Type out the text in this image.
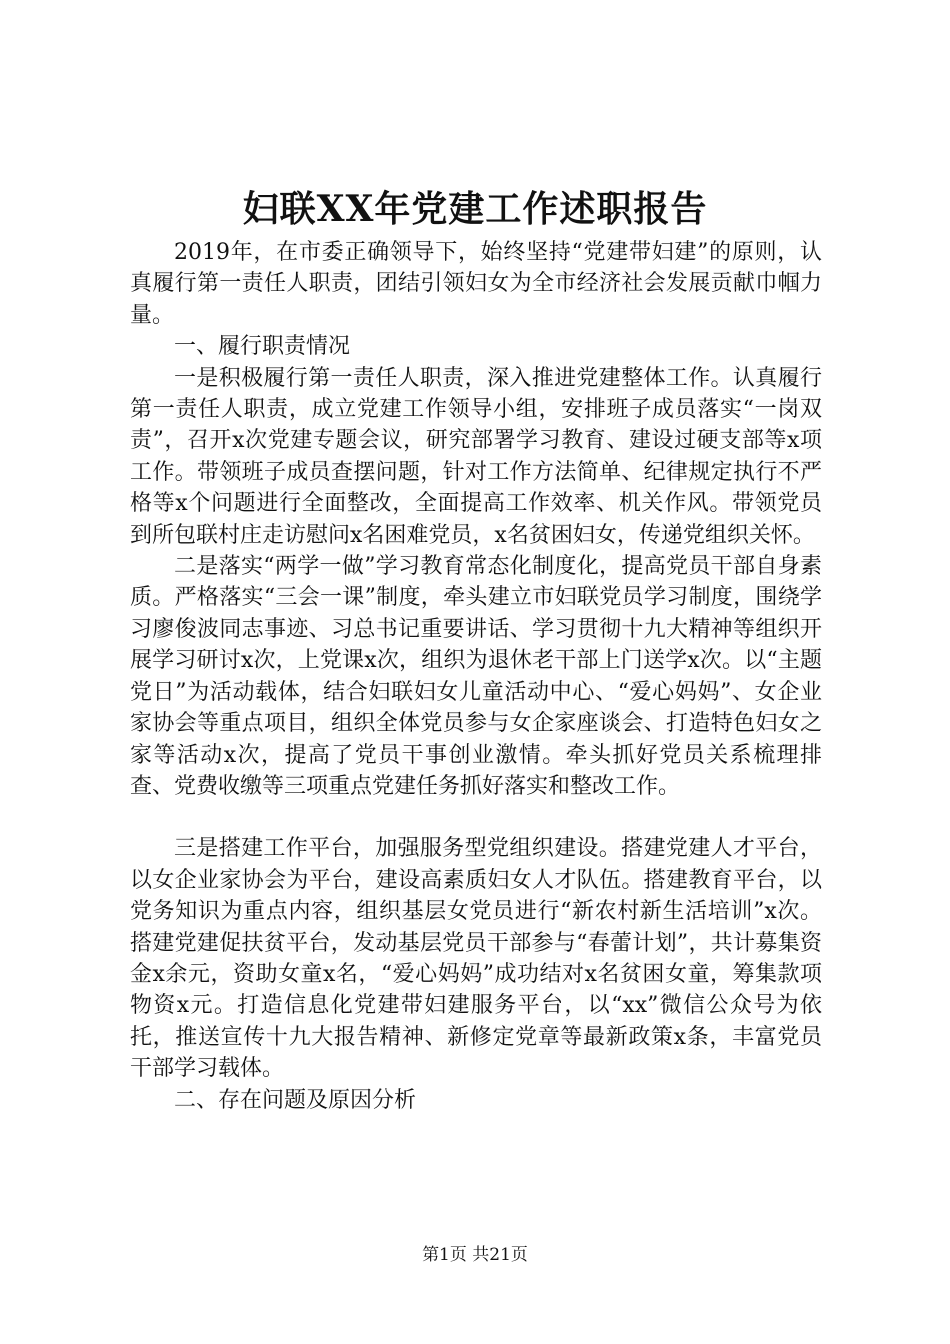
妇联XX年党建工作述职报告

2019年，在市委正确领导下，始终坚持“党建带妇建”的原则，认真履行第一责任人职责，团结引领妇女为全市经济社会发展贡献巾帼力量。

一、履行职责情况

一是积极履行第一责任人职责，深入推进党建整体工作。认真履行第一责任人职责，成立党建工作领导小组，安排班子成员落实“一岗双责”，召开x次党建专题会议，研究部署学习教育、建设过硬支部等x项工作。带领班子成员查摆问题，针对工作方法简单、纪律规定执行不严格等x个问题进行全面整改，全面提高工作效率、机关作风。带领党员到所包联村庄走访慰问x名困难党员，x名贫困妇女，传递党组织关怀。

二是落实“两学一做”学习教育常态化制度化，提高党员干部自身素质。严格落实“三会一课”制度，牵头建立市妇联党员学习制度，围绕学习廖俊波同志事迹、习总书记重要讲话、学习贯彻十九大精神等组织开展学习研讨x次，上党课x次，组织为退休老干部上门送学x次。以“主题党日”为活动载体，结合妇联妇女儿童活动中心、“爱心妈妈”、女企业家协会等重点项目，组织全体党员参与女企家座谈会、打造特色妇女之家等活动x次，提高了党员干事创业激情。牵头抓好党员关系梳理排查、党费收缴等三项重点党建任务抓好落实和整改工作。

三是搭建工作平台，加强服务型党组织建设。搭建党建人才平台，以女企业家协会为平台，建设高素质妇女人才队伍。搭建教育平台，以党务知识为重点内容，组织基层女党员进行“新农村新生活培训”x次。搭建党建促扶贫平台，发动基层党员干部参与“春蕾计划”，共计募集资金x余元，资助女童x名，“爱心妈妈”成功结对x名贫困女童，筹集款项物资x元。打造信息化党建带妇建服务平台，以“xx”微信公众号为依托，推送宣传十九大报告精神、新修定党章等最新政策x条，丰富党员干部学习载体。

二、存在问题及原因分析

第1页 共21页
